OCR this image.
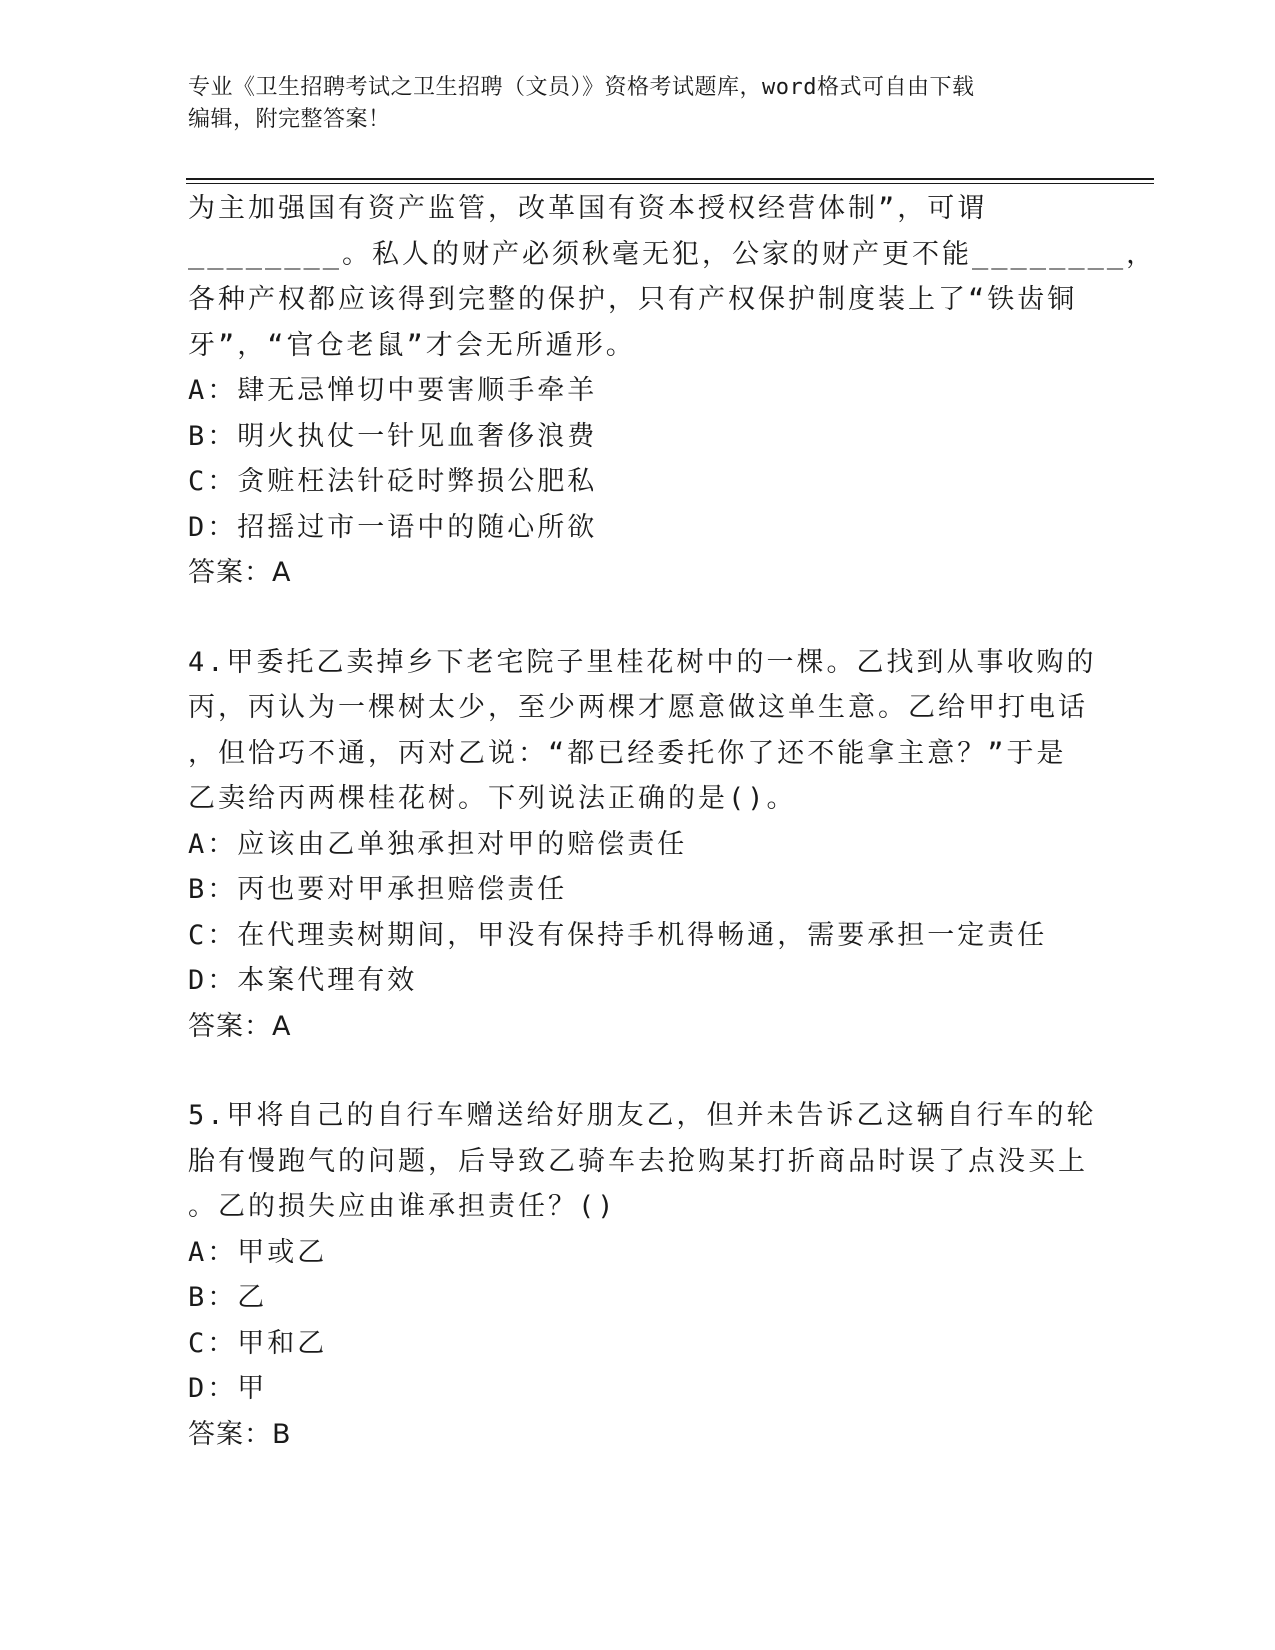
专业《卫生招聘考试之卫生招聘（文员）》资格考试题库，word格式可自由下载
编辑，附完整答案！
为主加强国有资产监管，改革国有资本授权经营体制”，可谓
________。私人的财产必须秋毫无犯，公家的财产更不能________，
各种产权都应该得到完整的保护，只有产权保护制度装上了“铁齿铜
牙”，“官仓老鼠”才会无所遁形。
A：肆无忌惮切中要害顺手牵羊
B：明火执仗一针见血奢侈浪费
C：贪赃枉法针砭时弊损公肥私
D：招摇过市一语中的随心所欲
答案：A
4.甲委托乙卖掉乡下老宅院子里桂花树中的一棵。乙找到从事收购的
丙，丙认为一棵树太少，至少两棵才愿意做这单生意。乙给甲打电话
，但恰巧不通，丙对乙说：“都已经委托你了还不能拿主意？”于是
乙卖给丙两棵桂花树。下列说法正确的是()。
A：应该由乙单独承担对甲的赔偿责任
B：丙也要对甲承担赔偿责任
C：在代理卖树期间，甲没有保持手机得畅通，需要承担一定责任
D：本案代理有效
答案：A
5.甲将自己的自行车赠送给好朋友乙，但并未告诉乙这辆自行车的轮
胎有慢跑气的问题，后导致乙骑车去抢购某打折商品时误了点没买上
。乙的损失应由谁承担责任？()
A：甲或乙
B：乙
C：甲和乙
D：甲
答案：B
